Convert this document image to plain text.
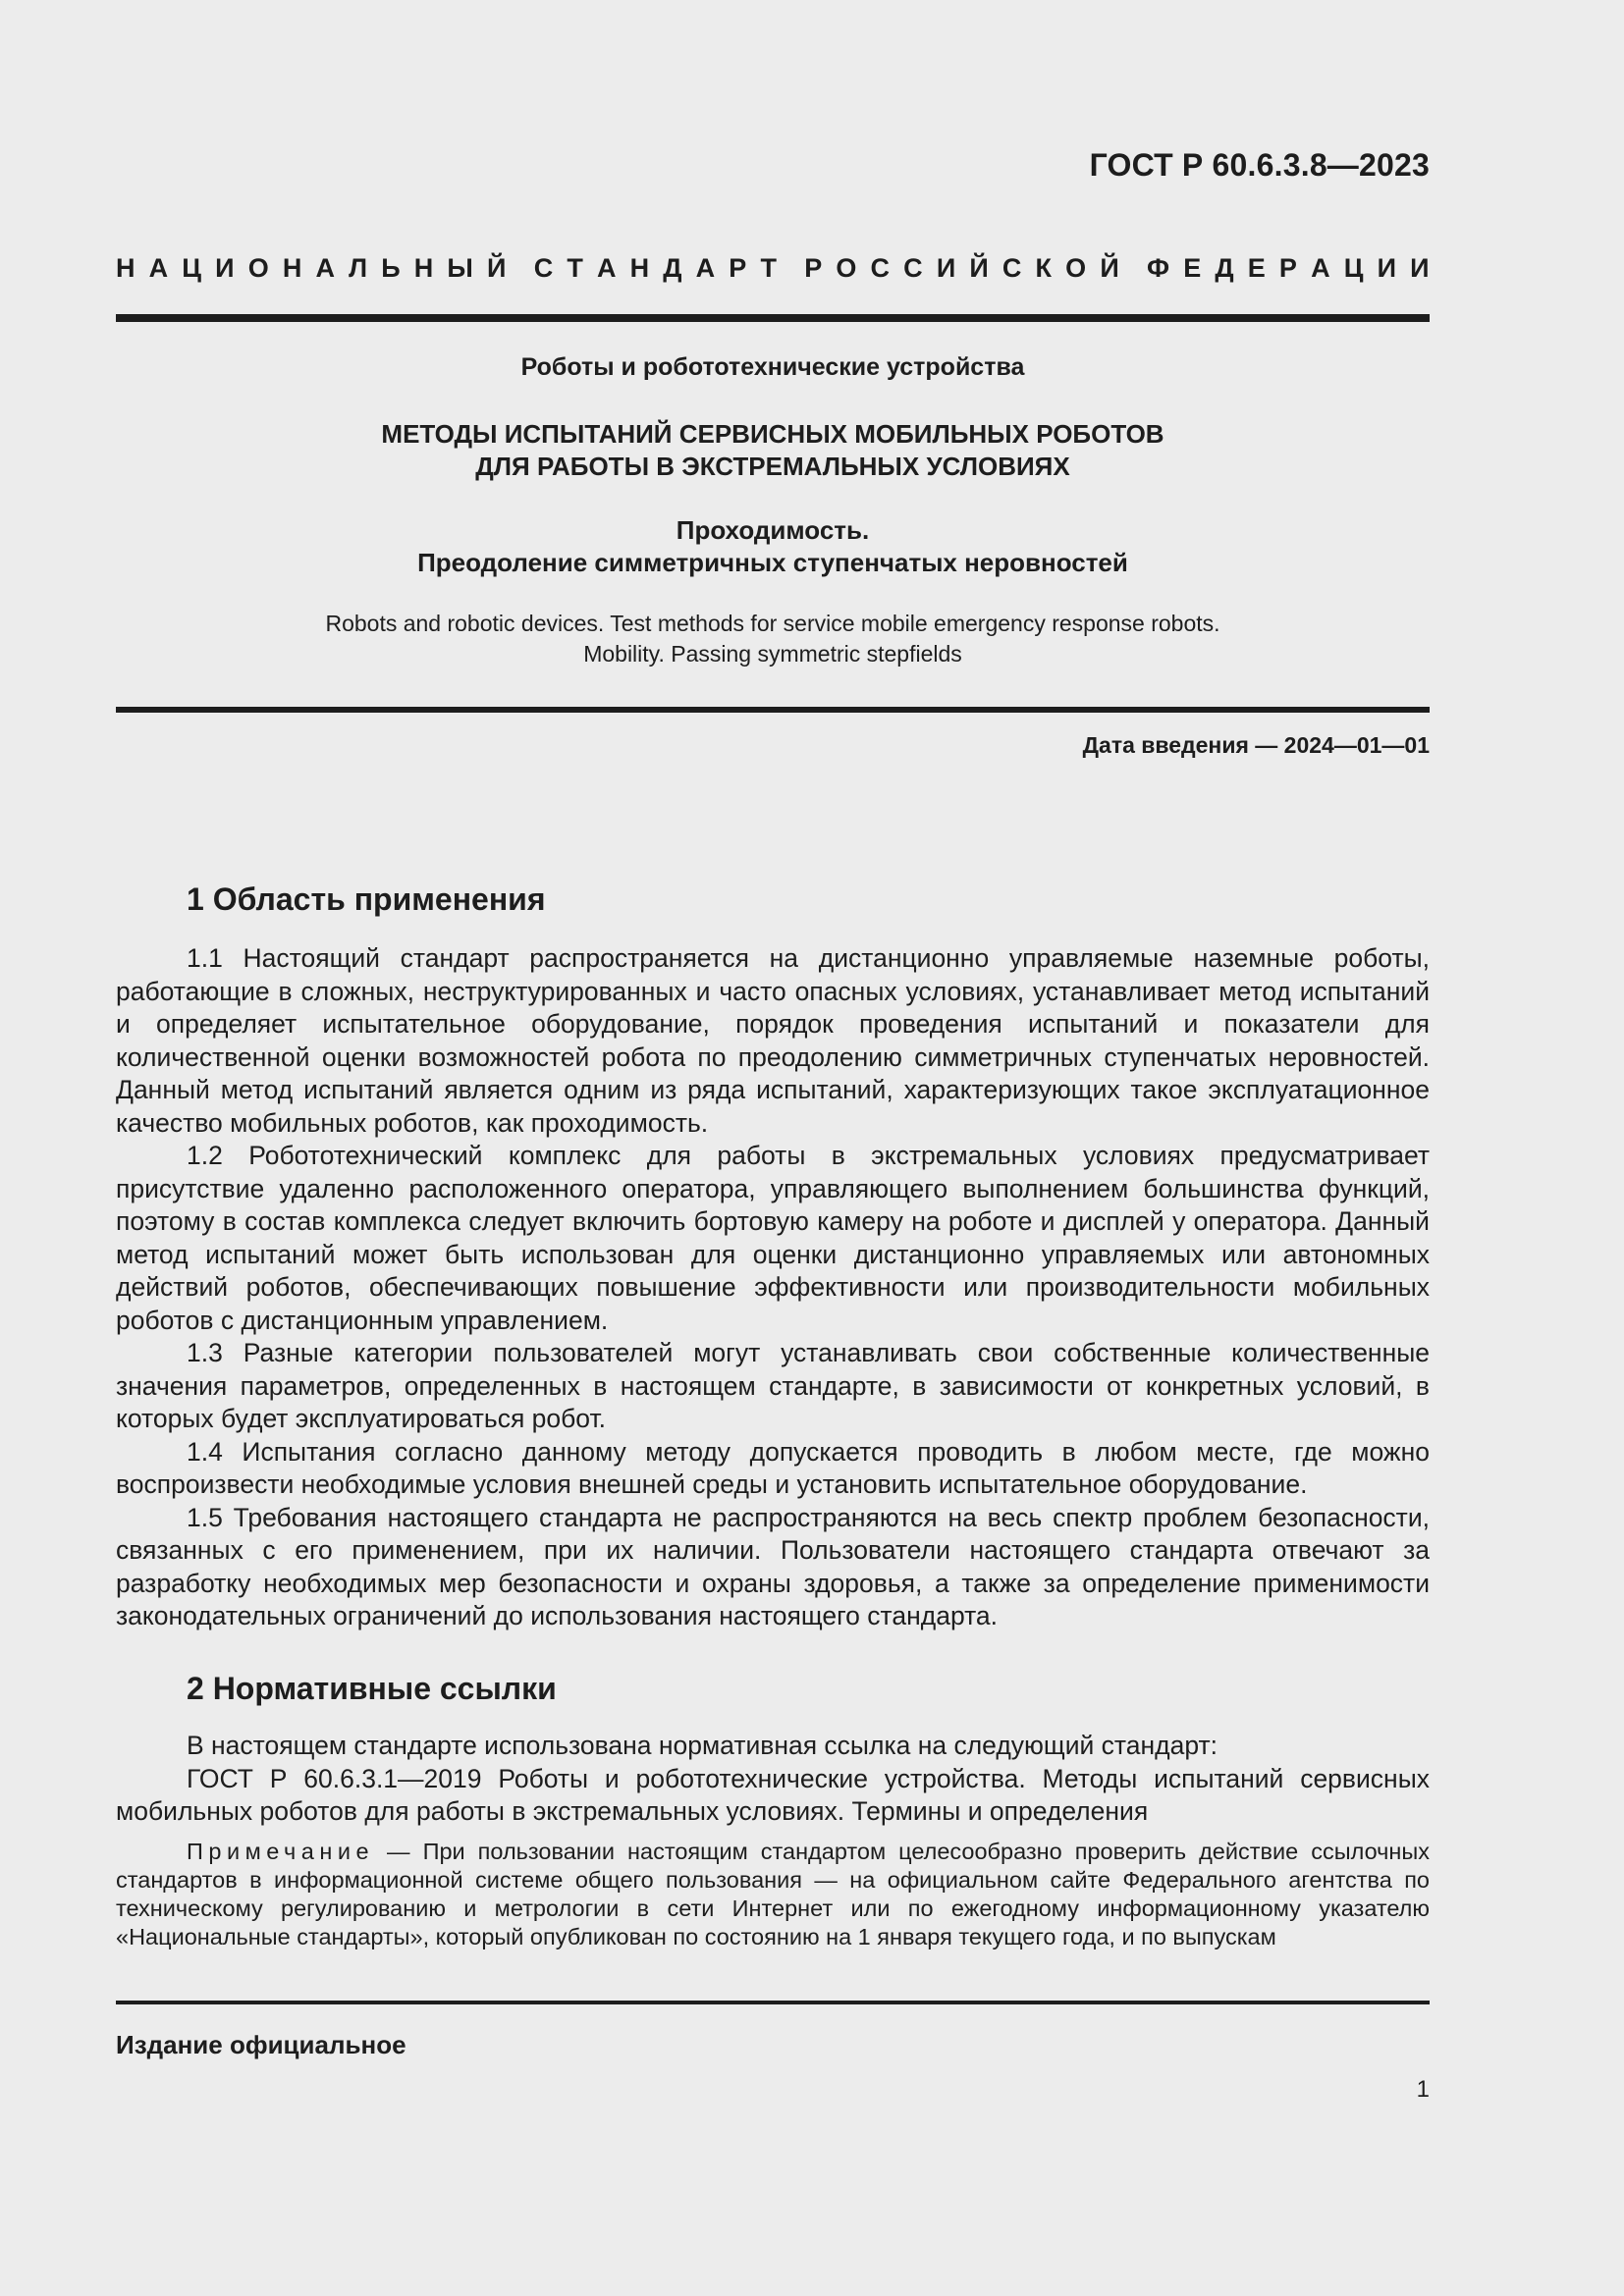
ГОСТ Р 60.6.3.8—2023
Н А Ц И О Н А Л Ь Н Ы Й С Т А Н Д А Р Т Р О С С И Й С К О Й Ф Е Д Е Р А Ц И И
Роботы и робототехнические устройства
МЕТОДЫ ИСПЫТАНИЙ СЕРВИСНЫХ МОБИЛЬНЫХ РОБОТОВ
ДЛЯ РАБОТЫ В ЭКСТРЕМАЛЬНЫХ УСЛОВИЯХ
Проходимость.
Преодоление симметричных ступенчатых неровностей
Robots and robotic devices. Test methods for service mobile emergency response robots.
Mobility. Passing symmetric stepfields
Дата введения — 2024—01—01
1 Область применения

1.1 Настоящий стандарт распространяется на дистанционно управляемые наземные роботы, работающие в сложных, неструктурированных и часто опасных условиях, устанавливает метод испытаний и определяет испытательное оборудование, порядок проведения испытаний и показатели для количественной оценки возможностей робота по преодолению симметричных ступенчатых неровностей. Данный метод испытаний является одним из ряда испытаний, характеризующих такое эксплуатационное качество мобильных роботов, как проходимость.

1.2 Робототехнический комплекс для работы в экстремальных условиях предусматривает присутствие удаленно расположенного оператора, управляющего выполнением большинства функций, поэтому в состав комплекса следует включить бортовую камеру на роботе и дисплей у оператора. Данный метод испытаний может быть использован для оценки дистанционно управляемых или автономных действий роботов, обеспечивающих повышение эффективности или производительности мобильных роботов с дистанционным управлением.

1.3 Разные категории пользователей могут устанавливать свои собственные количественные значения параметров, определенных в настоящем стандарте, в зависимости от конкретных условий, в которых будет эксплуатироваться робот.

1.4 Испытания согласно данному методу допускается проводить в любом месте, где можно воспроизвести необходимые условия внешней среды и установить испытательное оборудование.

1.5 Требования настоящего стандарта не распространяются на весь спектр проблем безопасности, связанных с его применением, при их наличии. Пользователи настоящего стандарта отвечают за разработку необходимых мер безопасности и охраны здоровья, а также за определение применимости законодательных ограничений до использования настоящего стандарта.

2 Нормативные ссылки

В настоящем стандарте использована нормативная ссылка на следующий стандарт:

ГОСТ Р 60.6.3.1—2019 Роботы и робототехнические устройства. Методы испытаний сервисных мобильных роботов для работы в экстремальных условиях. Термины и определения

Примечание — При пользовании настоящим стандартом целесообразно проверить действие ссылочных стандартов в информационной системе общего пользования — на официальном сайте Федерального агентства по техническому регулированию и метрологии в сети Интернет или по ежегодному информационному указателю «Национальные стандарты», который опубликован по состоянию на 1 января текущего года, и по выпускам
Издание официальное
1
